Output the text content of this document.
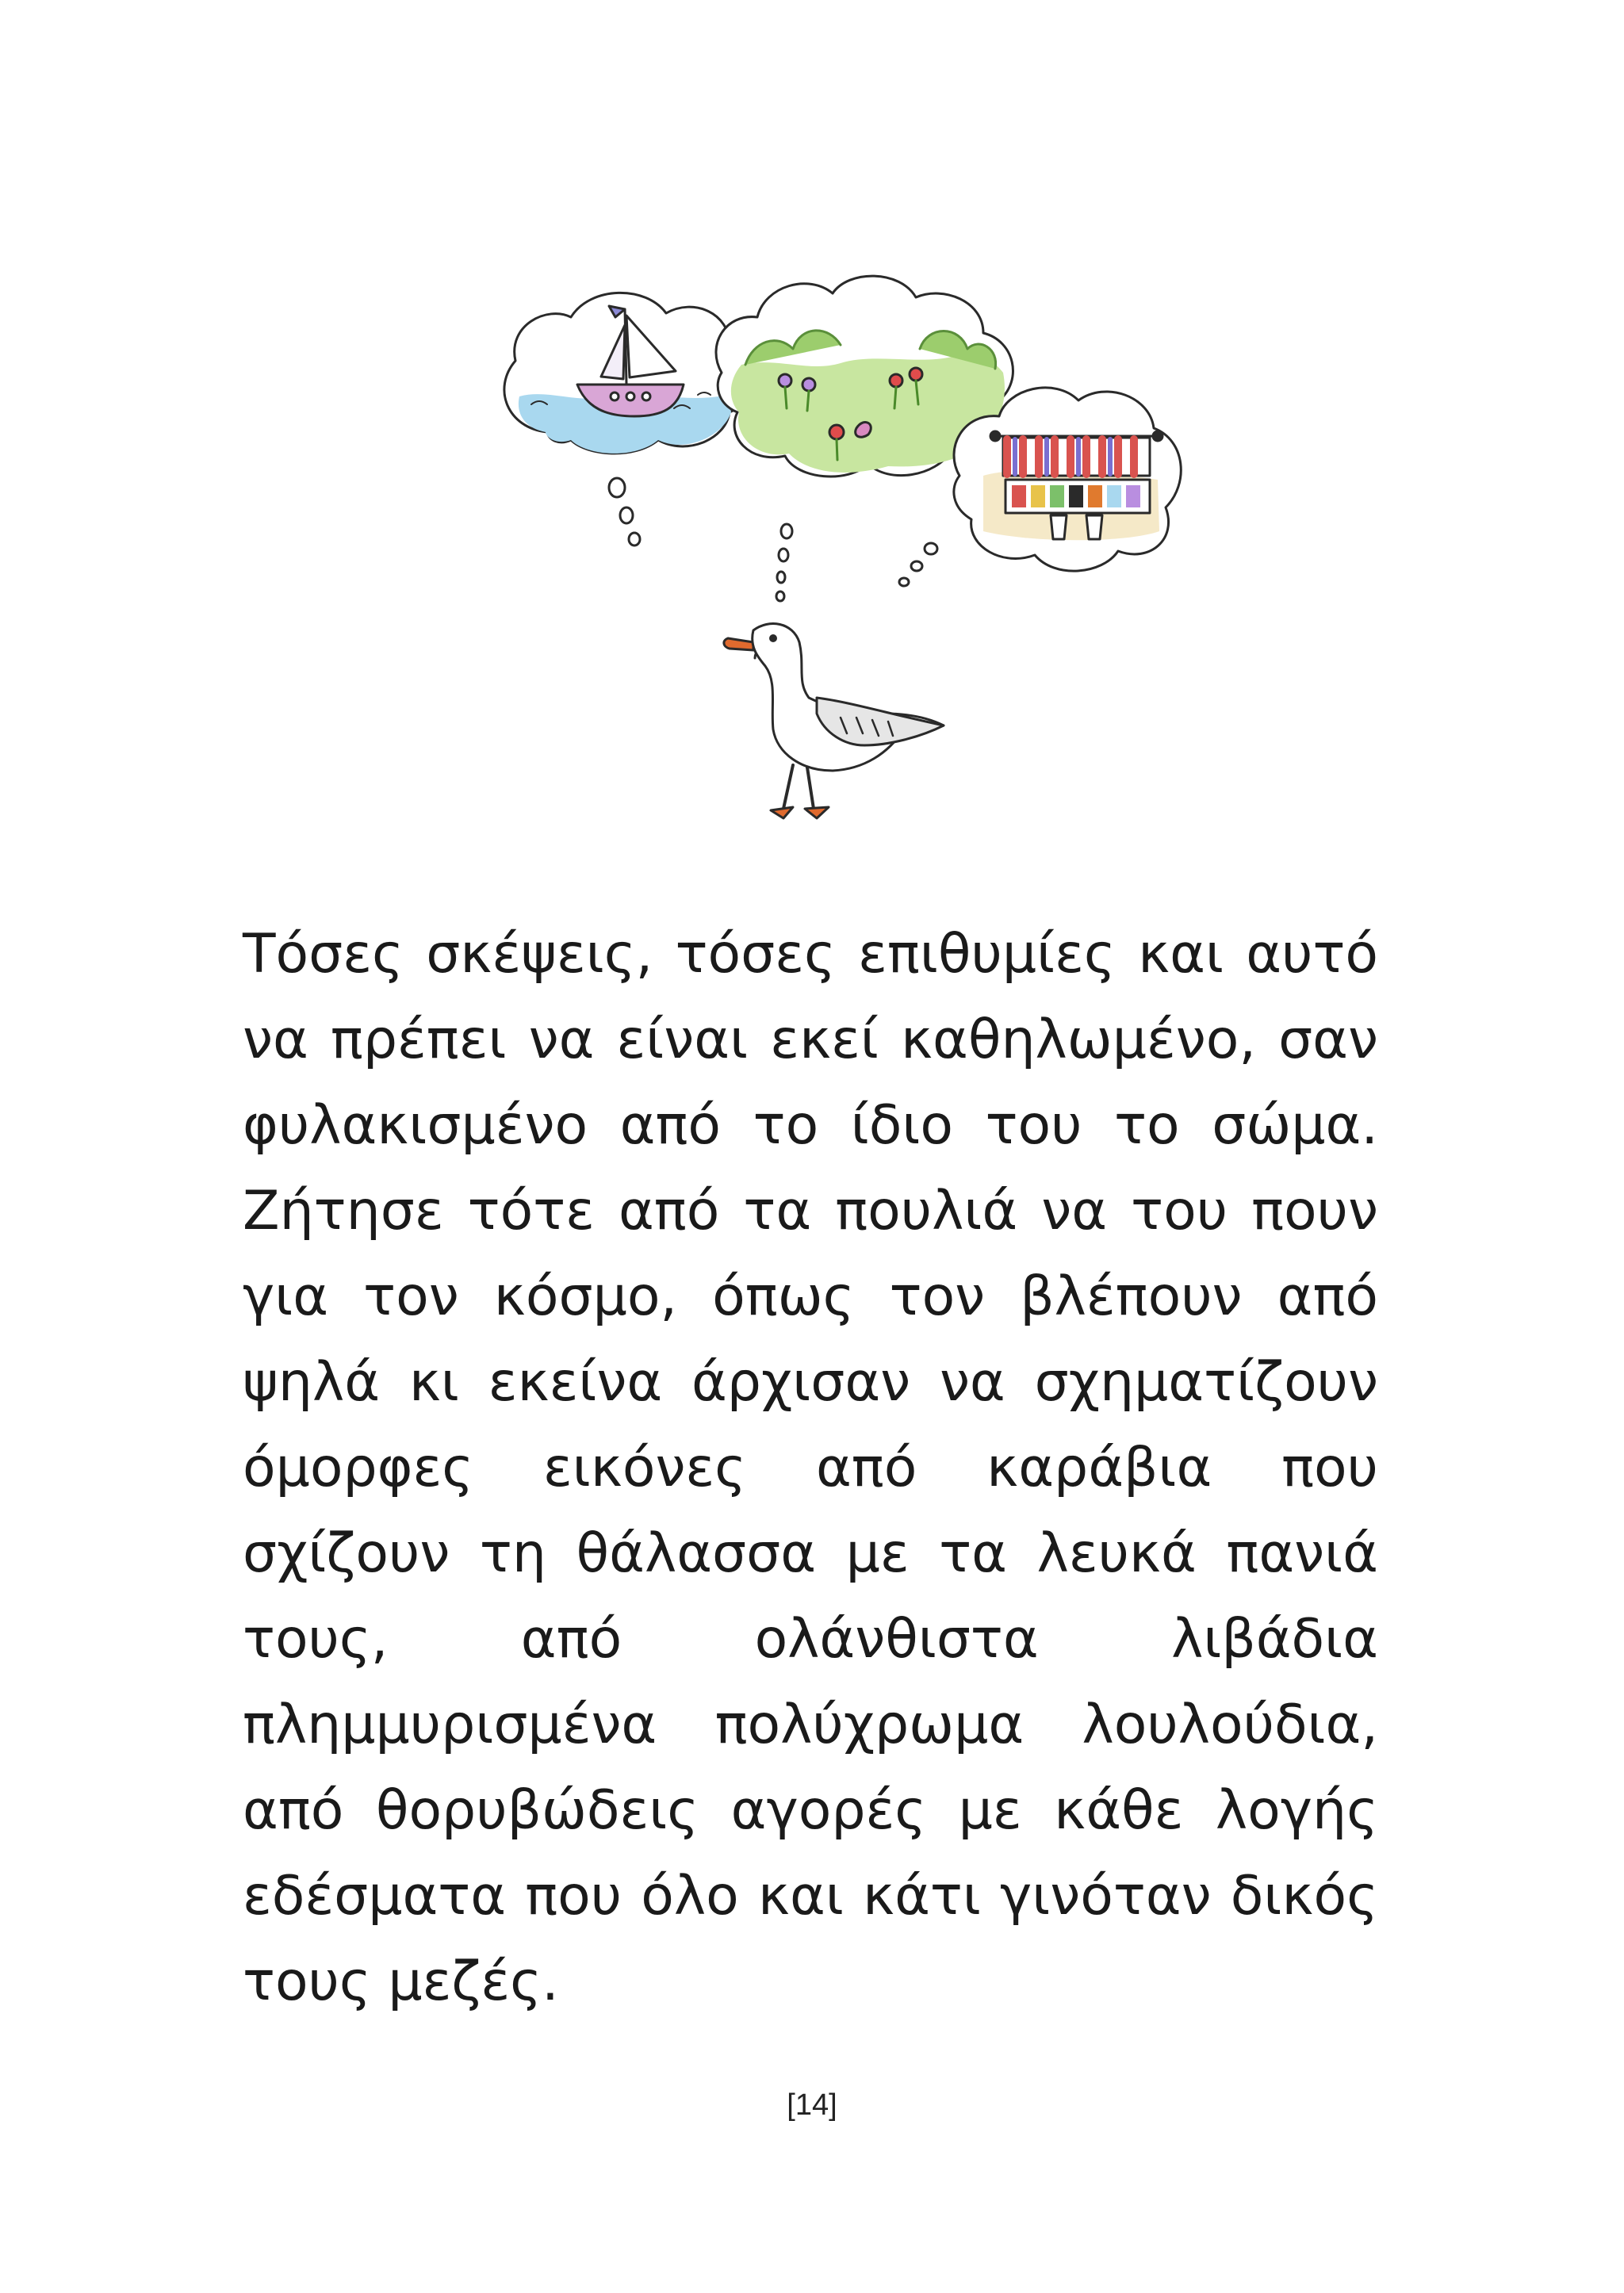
Τόσες σκέψεις, τόσες επιθυμίες και αυτό να πρέπει να είναι εκεί καθηλωμένο, σαν φυλακισμένο από το ίδιο του το σώμα. Ζήτησε τότε από τα πουλιά να του πουν για τον κόσμο, όπως τον βλέπουν από ψηλά κι εκείνα άρχισαν να σχηματίζουν όμορφες εικόνες από καράβια που σχίζουν τη θάλασσα με τα λευκά πανιά τους, από ολάνθιστα λιβάδια πλημμυρισμένα πολύχρωμα λουλούδια, από θορυβώδεις αγορές με κάθε λογής εδέσματα που όλο και κάτι γινόταν δικός τους μεζές.

[14]
